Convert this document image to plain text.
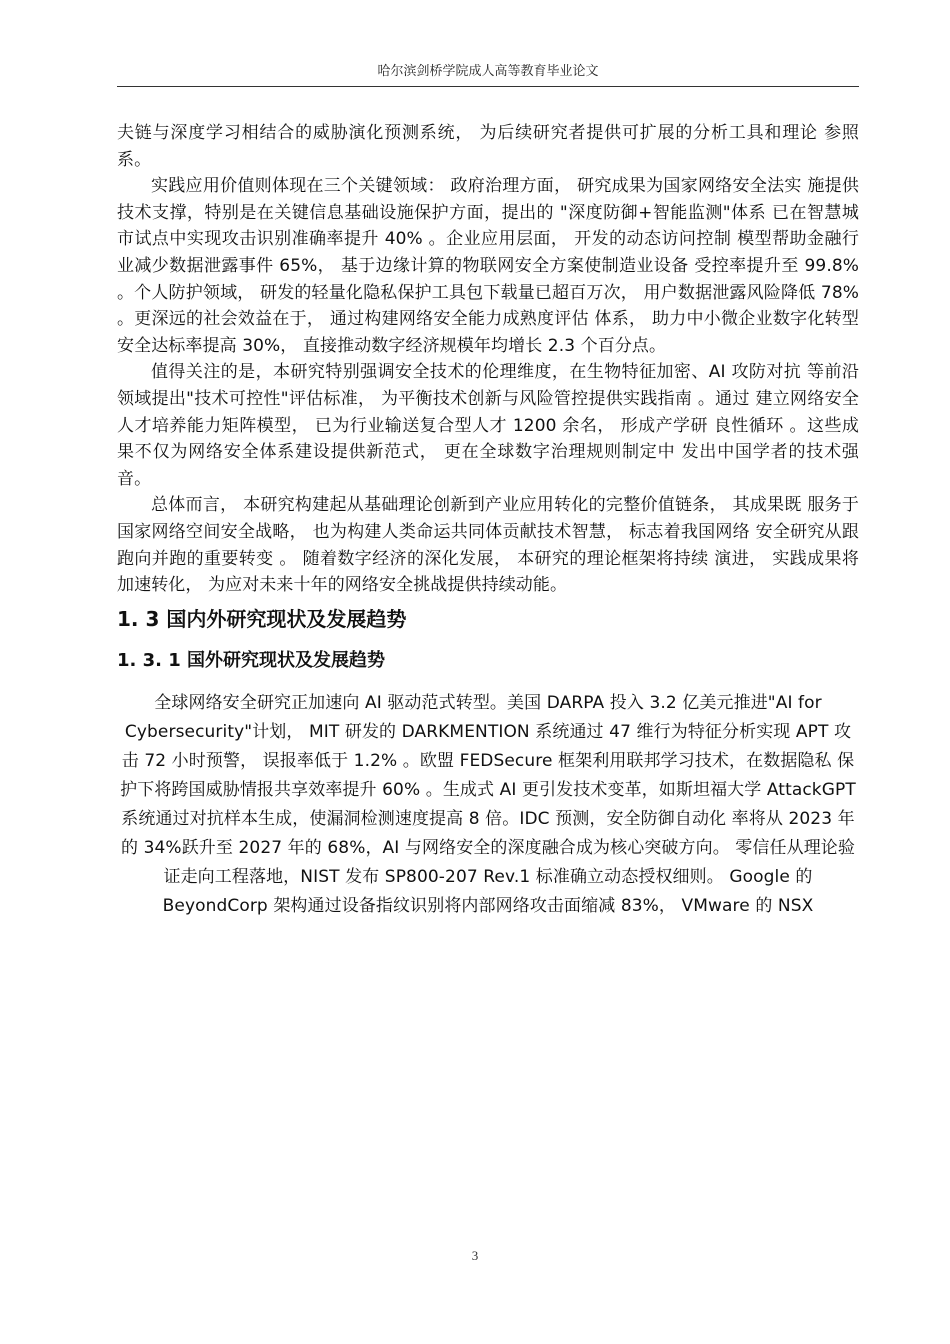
哈尔滨剑桥学院成人高等教育毕业论文

夫链与深度学习相结合的威胁演化预测系统， 为后续研究者提供可扩展的分析工具和理论 参照系。

实践应用价值则体现在三个关键领域： 政府治理方面， 研究成果为国家网络安全法实 施提供技术支撑，特别是在关键信息基础设施保护方面，提出的 "深度防御+智能监测"体系 已在智慧城市试点中实现攻击识别准确率提升 40% 。企业应用层面， 开发的动态访问控制 模型帮助金融行业减少数据泄露事件 65%， 基于边缘计算的物联网安全方案使制造业设备 受控率提升至 99.8% 。个人防护领域， 研发的轻量化隐私保护工具包下载量已超百万次， 用户数据泄露风险降低 78% 。更深远的社会效益在于， 通过构建网络安全能力成熟度评估 体系， 助力中小微企业数字化转型安全达标率提高 30%， 直接推动数字经济规模年均增长 2.3 个百分点。

值得关注的是，本研究特别强调安全技术的伦理维度，在生物特征加密、AI 攻防对抗 等前沿领域提出"技术可控性"评估标准， 为平衡技术创新与风险管控提供实践指南 。通过 建立网络安全人才培养能力矩阵模型， 已为行业输送复合型人才 1200 余名， 形成产学研 良性循环 。这些成果不仅为网络安全体系建设提供新范式， 更在全球数字治理规则制定中 发出中国学者的技术强音。

总体而言， 本研究构建起从基础理论创新到产业应用转化的完整价值链条， 其成果既 服务于国家网络空间安全战略， 也为构建人类命运共同体贡献技术智慧， 标志着我国网络 安全研究从跟跑向并跑的重要转变 。 随着数字经济的深化发展， 本研究的理论框架将持续 演进， 实践成果将加速转化， 为应对未来十年的网络安全挑战提供持续动能。

1. 3 国内外研究现状及发展趋势
1. 3. 1 国外研究现状及发展趋势

全球网络安全研究正加速向 AI 驱动范式转型。美国 DARPA 投入 3.2 亿美元推进"AI for Cybersecurity"计划， MIT 研发的 DARKMENTION 系统通过 47 维行为特征分析实现 APT 攻 击 72 小时预警， 误报率低于 1.2% 。欧盟 FEDSecure 框架利用联邦学习技术，在数据隐私 保护下将跨国威胁情报共享效率提升 60% 。生成式 AI 更引发技术变革，如斯坦福大学 AttackGPT 系统通过对抗样本生成，使漏洞检测速度提高 8 倍。IDC 预测，安全防御自动化 率将从 2023 年的 34%跃升至 2027 年的 68%，AI 与网络安全的深度融合成为核心突破方向。 零信任从理论验证走向工程落地，NIST 发布 SP800-207 Rev.1 标准确立动态授权细则。 Google 的 BeyondCorp 架构通过设备指纹识别将内部网络攻击面缩减 83%， VMware 的 NSX

3
